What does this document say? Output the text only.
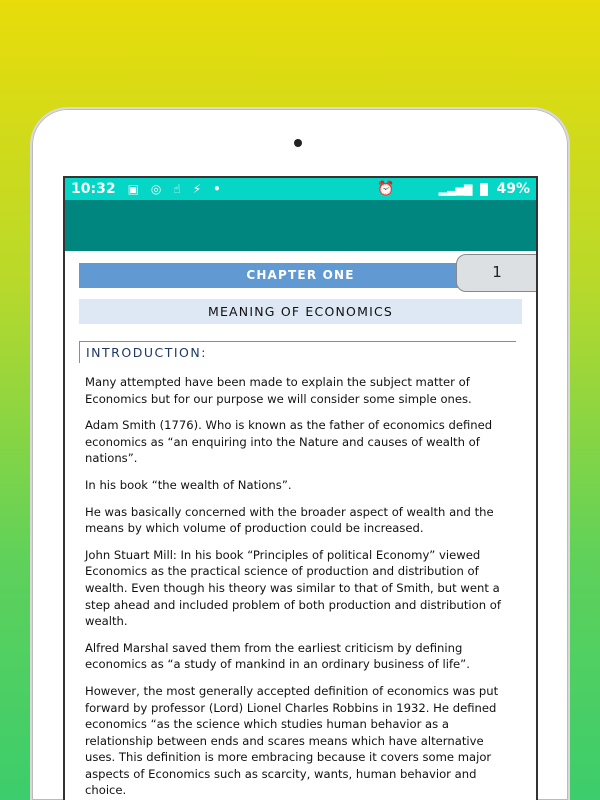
10:32 ▣ ◎ ☝ ⚡ •	⏰	▂▃▅▇ 49%
CHAPTER ONE	1
MEANING OF ECONOMICS
INTRODUCTION:

Many attempted have been made to explain the subject matter of Economics but for our purpose we will consider some simple ones.

Adam Smith (1776). Who is known as the father of economics defined economics as “an enquiring into the Nature and causes of wealth of nations”.

In his book “the wealth of Nations”.

He was basically concerned with the broader aspect of wealth and the means by which volume of production could be increased.

John Stuart Mill: In his book “Principles of political Economy” viewed Economics as the practical science of production and distribution of wealth. Even though his theory was similar to that of Smith, but went a step ahead and included problem of both production and distribution of wealth.

Alfred Marshal saved them from the earliest criticism by defining economics as “a study of mankind in an ordinary business of life”.

However, the most generally accepted definition of economics was put forward by professor (Lord) Lionel Charles Robbins in 1932. He defined economics “as the science which studies human behavior as a relationship between ends and scares means which have alternative uses. This definition is more embracing because it covers some major aspects of Economics such as scarcity, wants, human behavior and choice.
